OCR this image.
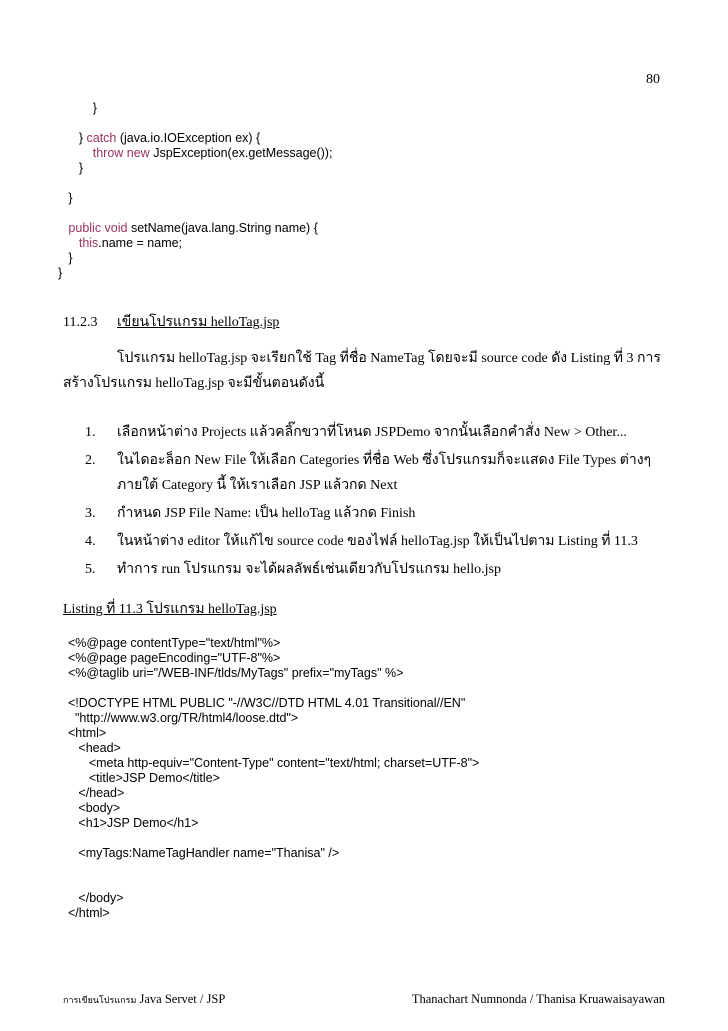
80
}
} catch (java.io.IOException ex) {
throw new JspException(ex.getMessage());
}
}
public void setName(java.lang.String name) {
this.name = name;
}
}
11.2.3 เขียนโปรแกรม helloTag.jsp
โปรแกรม helloTag.jsp จะเรียกใช้ Tag ที่ชื่อ NameTag โดยจะมี source code ดัง Listing ที่ 3 การ
สร้างโปรแกรม helloTag.jsp จะมีขั้นตอนดังนี้
1. เลือกหน้าต่าง Projects แล้วคลิ๊กขวาที่โหนด JSPDemo จากนั้นเลือกคำสั่ง New > Other...
2. ในไดอะล็อก New File ให้เลือก Categories ที่ชื่อ Web ซึ่งโปรแกรมก็จะแสดง File Types ต่างๆ ภายใต้ Category นี้ ให้เราเลือก JSP แล้วกด Next
3. กำหนด JSP File Name: เป็น helloTag แล้วกด Finish
4. ในหน้าต่าง editor ให้แก้ไข source code ของไฟล์ helloTag.jsp ให้เป็นไปตาม Listing ที่ 11.3
5. ทำการ run โปรแกรม จะได้ผลลัพธ์เช่นเดียวกับโปรแกรม hello.jsp
Listing ที่ 11.3 โปรแกรม helloTag.jsp
<%@page contentType="text/html"%>
<%@page pageEncoding="UTF-8"%>
<%@taglib uri="/WEB-INF/tlds/MyTags" prefix="myTags" %>
<!DOCTYPE HTML PUBLIC "-//W3C//DTD HTML 4.01 Transitional//EN"
"http://www.w3.org/TR/html4/loose.dtd">
<html>
<head>
<meta http-equiv="Content-Type" content="text/html; charset=UTF-8">
<title>JSP Demo</title>
</head>
<body>
<h1>JSP Demo</h1>
<myTags:NameTagHandler name="Thanisa" />
</body>
</html>
การเขียนโปรแกรม Java Servet / JSP	Thanachart Numnonda / Thanisa Kruawaisayawan
